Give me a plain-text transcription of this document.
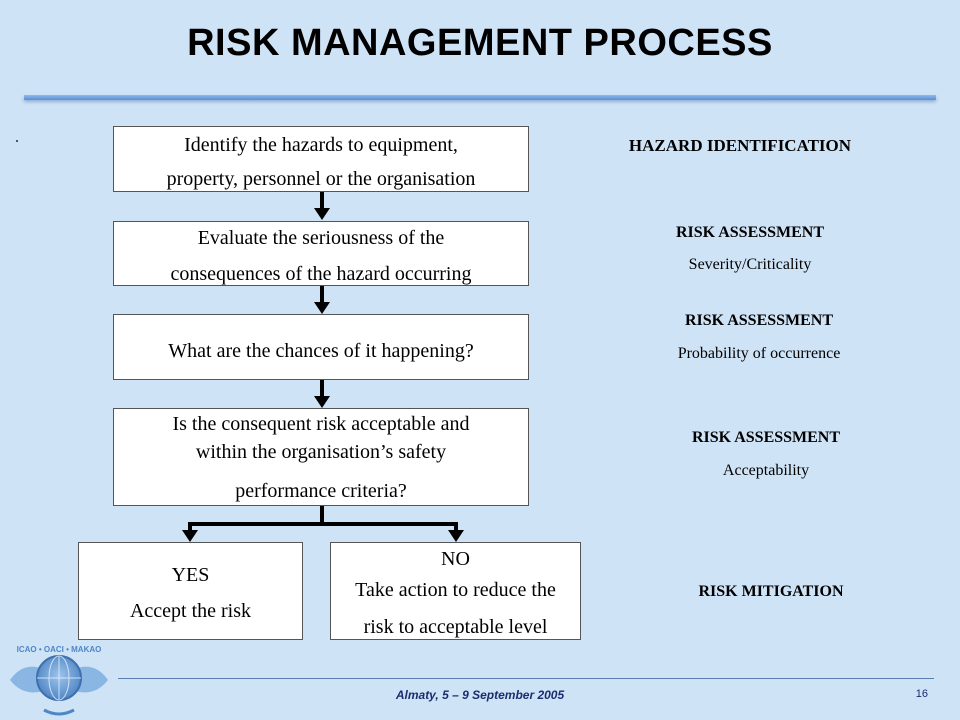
RISK MANAGEMENT PROCESS
Identify the hazards to equipment,
property, personnel or the organisation
Evaluate the seriousness of the
consequences of the hazard occurring
What are the chances of it happening?
Is the consequent risk acceptable and
within the organisation’s safety
performance criteria?
YES
Accept the risk
NO
Take action to reduce the
risk to acceptable level
HAZARD IDENTIFICATION
RISK ASSESSMENT
Severity/Criticality
RISK ASSESSMENT
Probability of occurrence
RISK ASSESSMENT
Acceptability
RISK MITIGATION
ICAO • OACI • MAKAO
Almaty, 5 – 9 September 2005	16
